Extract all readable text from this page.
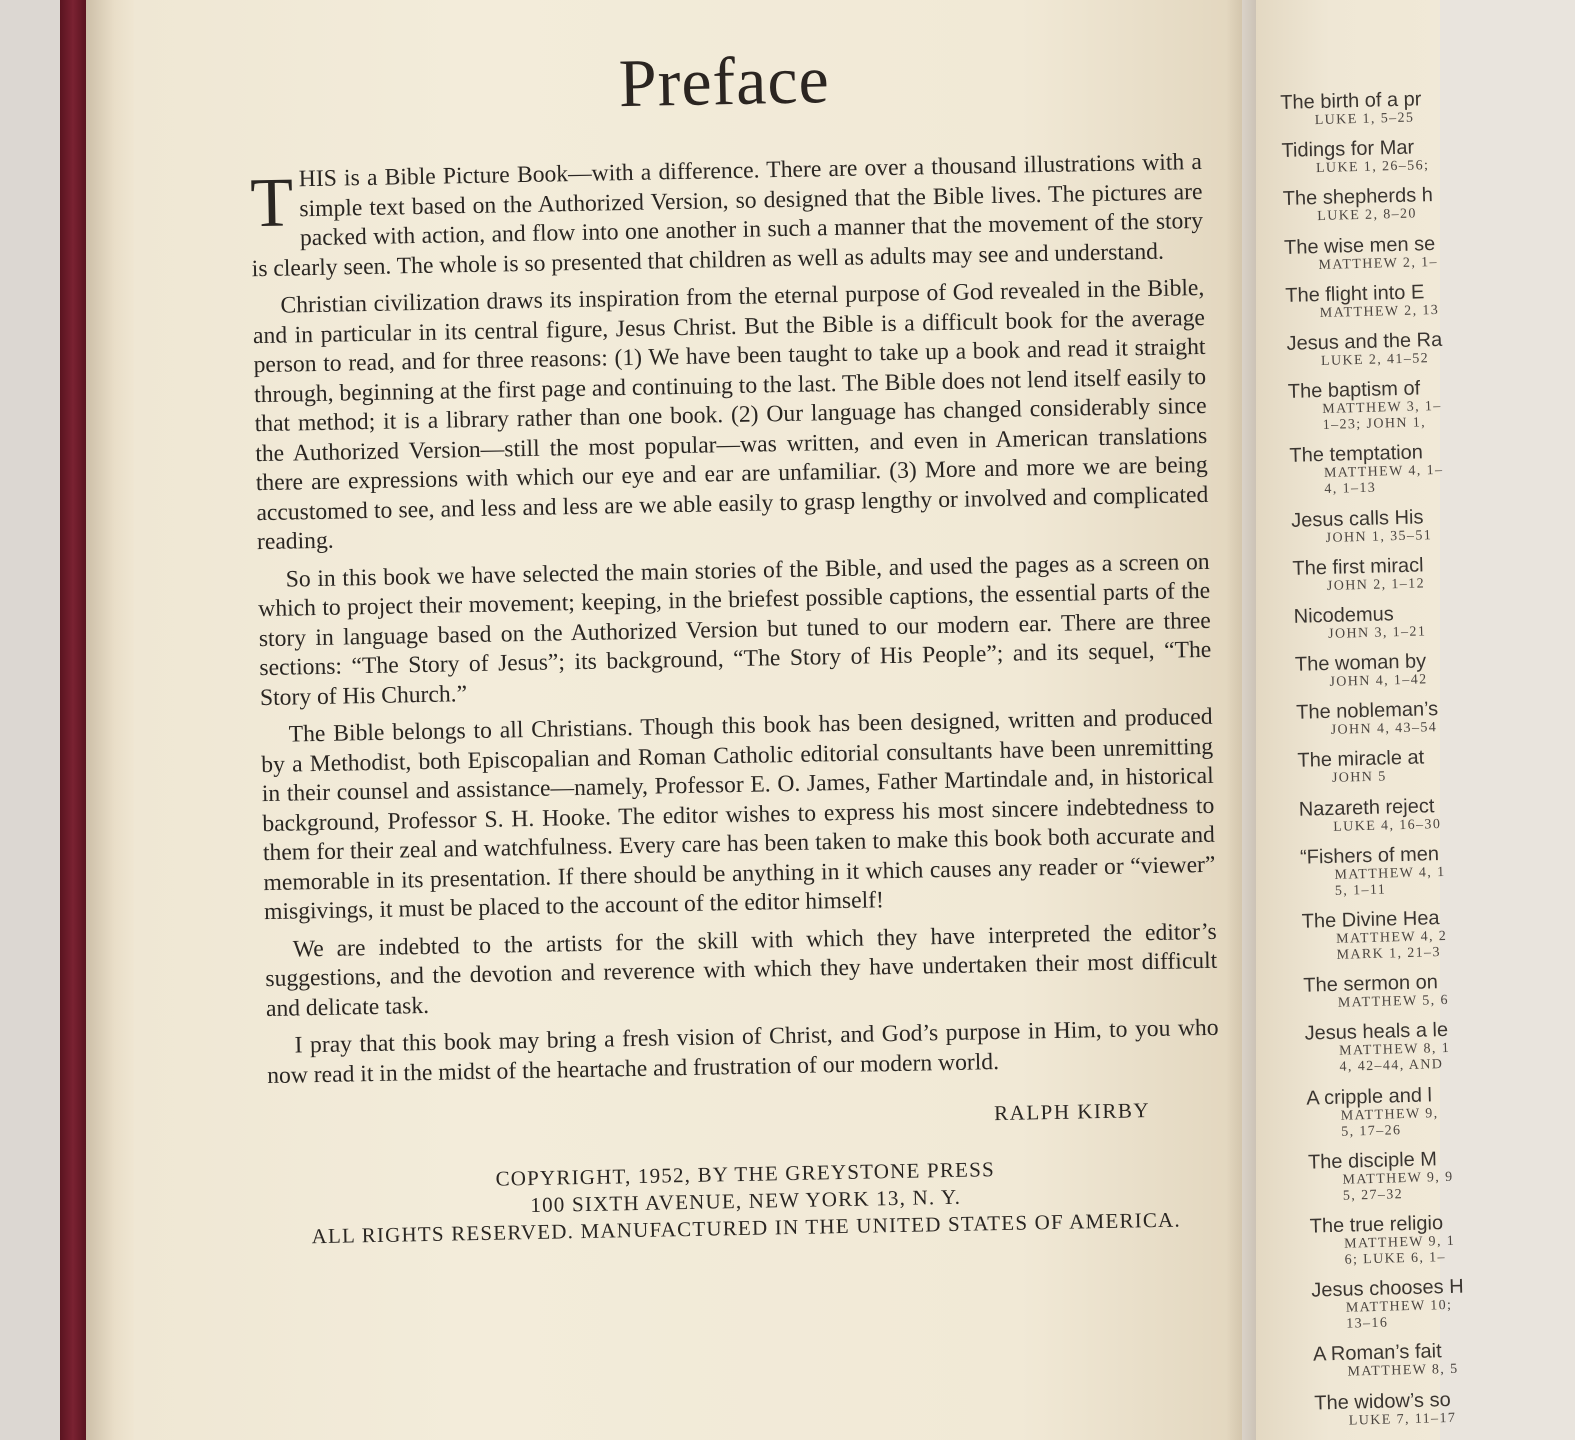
Preface

THIS is a Bible Picture Book—with a difference. There are over a thousand illustrations with a simple text based on the Authorized Version, so designed that the Bible lives. The pictures are packed with action, and flow into one another in such a manner that the movement of the story is clearly seen. The whole is so presented that children as well as adults may see and understand.

Christian civilization draws its inspiration from the eternal purpose of God revealed in the Bible, and in particular in its central figure, Jesus Christ. But the Bible is a difficult book for the average person to read, and for three reasons: (1) We have been taught to take up a book and read it straight through, beginning at the first page and continuing to the last. The Bible does not lend itself easily to that method; it is a library rather than one book. (2) Our language has changed considerably since the Authorized Version—still the most popular—was written, and even in American translations there are expressions with which our eye and ear are unfamiliar. (3) More and more we are being accustomed to see, and less and less are we able easily to grasp lengthy or involved and complicated reading.

So in this book we have selected the main stories of the Bible, and used the pages as a screen on which to project their movement; keeping, in the briefest possible captions, the essential parts of the story in language based on the Authorized Version but tuned to our modern ear. There are three sections: “The Story of Jesus”; its background, “The Story of His People”; and its sequel, “The Story of His Church.”

The Bible belongs to all Christians. Though this book has been designed, written and produced by a Methodist, both Episcopalian and Roman Catholic editorial consultants have been unremitting in their counsel and assistance—namely, Professor E. O. James, Father Martindale and, in historical background, Professor S. H. Hooke. The editor wishes to express his most sincere indebtedness to them for their zeal and watchfulness. Every care has been taken to make this book both accurate and memorable in its presentation. If there should be anything in it which causes any reader or “viewer” misgivings, it must be placed to the account of the editor himself!

We are indebted to the artists for the skill with which they have interpreted the editor’s suggestions, and the devotion and reverence with which they have undertaken their most difficult and delicate task.

I pray that this book may bring a fresh vision of Christ, and God’s purpose in Him, to you who now read it in the midst of the heartache and frustration of our modern world.

RALPH KIRBY
COPYRIGHT, 1952, BY THE GREYSTONE PRESS
100 SIXTH AVENUE, NEW YORK 13, N. Y.
ALL RIGHTS RESERVED. MANUFACTURED IN THE UNITED STATES OF AMERICA.
The birth of a pr
LUKE 1, 5–25
Tidings for Mar
LUKE 1, 26–56;
The shepherds h
LUKE 2, 8–20
The wise men se
MATTHEW 2, 1–
The flight into E
MATTHEW 2, 13
Jesus and the Ra
LUKE 2, 41–52
The baptism of
MATTHEW 3, 1–
1–23; JOHN 1,
The temptation
MATTHEW 4, 1–
4, 1–13
Jesus calls His
JOHN 1, 35–51
The first miracl
JOHN 2, 1–12
Nicodemus
JOHN 3, 1–21
The woman by
JOHN 4, 1–42
The nobleman’s
JOHN 4, 43–54
The miracle at
JOHN 5
Nazareth reject
LUKE 4, 16–30
“Fishers of men
MATTHEW 4, 1
5, 1–11
The Divine Hea
MATTHEW 4, 2
MARK 1, 21–3
The sermon on
MATTHEW 5, 6
Jesus heals a le
MATTHEW 8, 1
4, 42–44, AND
A cripple and l
MATTHEW 9,
5, 17–26
The disciple M
MATTHEW 9, 9
5, 27–32
The true religio
MATTHEW 9, 1
6; LUKE 6, 1–
Jesus chooses H
MATTHEW 10;
13–16
A Roman’s fait
MATTHEW 8, 5
The widow’s so
LUKE 7, 11–17
